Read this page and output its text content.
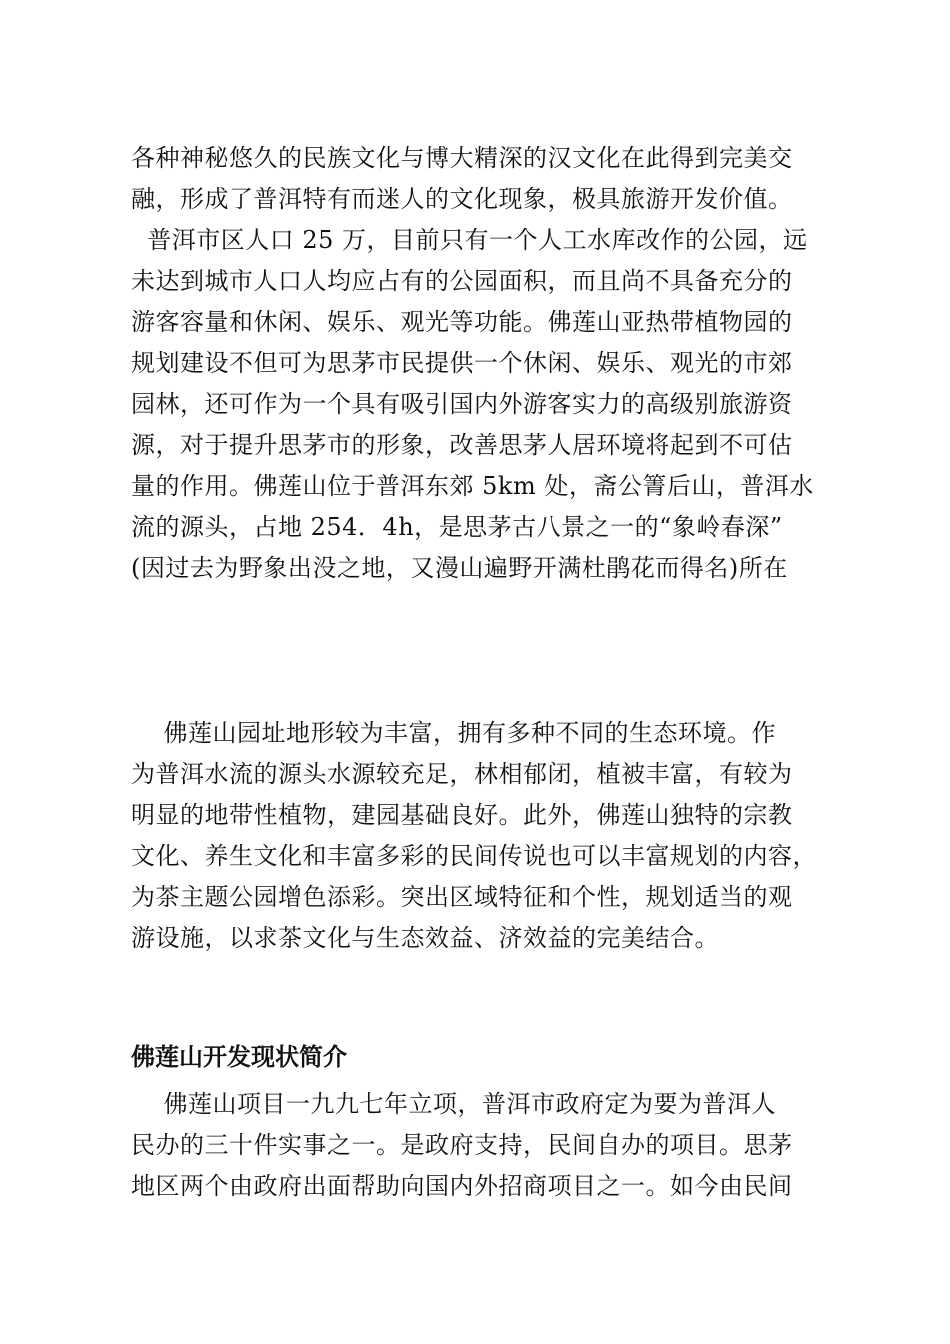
各种神秘悠久的民族文化与博大精深的汉文化在此得到完美交
融，形成了普洱特有而迷人的文化现象，极具旅游开发价值。
普洱市区人口 25 万，目前只有一个人工水库改作的公园，远
未达到城市人口人均应占有的公园面积，而且尚不具备充分的
游客容量和休闲、娱乐、观光等功能。佛莲山亚热带植物园的
规划建设不但可为思茅市民提供一个休闲、娱乐、观光的市郊
园林，还可作为一个具有吸引国内外游客实力的高级别旅游资
源，对于提升思茅市的形象，改善思茅人居环境将起到不可估
量的作用。佛莲山位于普洱东郊 5km 处，斋公箐后山，普洱水
流的源头，占地 254．4h，是思茅古八景之一的“象岭春深”
(因过去为野象出没之地，又漫山遍野开满杜鹃花而得名)所在
佛莲山园址地形较为丰富，拥有多种不同的生态环境。作
为普洱水流的源头水源较充足，林相郁闭，植被丰富，有较为
明显的地带性植物，建园基础良好。此外，佛莲山独特的宗教
文化、养生文化和丰富多彩的民间传说也可以丰富规划的内容，
为茶主题公园增色添彩。突出区域特征和个性，规划适当的观
游设施，以求茶文化与生态效益、济效益的完美结合。
佛莲山开发现状简介
佛莲山项目一九九七年立项，普洱市政府定为要为普洱人
民办的三十件实事之一。是政府支持，民间自办的项目。思茅
地区两个由政府出面帮助向国内外招商项目之一。如今由民间
